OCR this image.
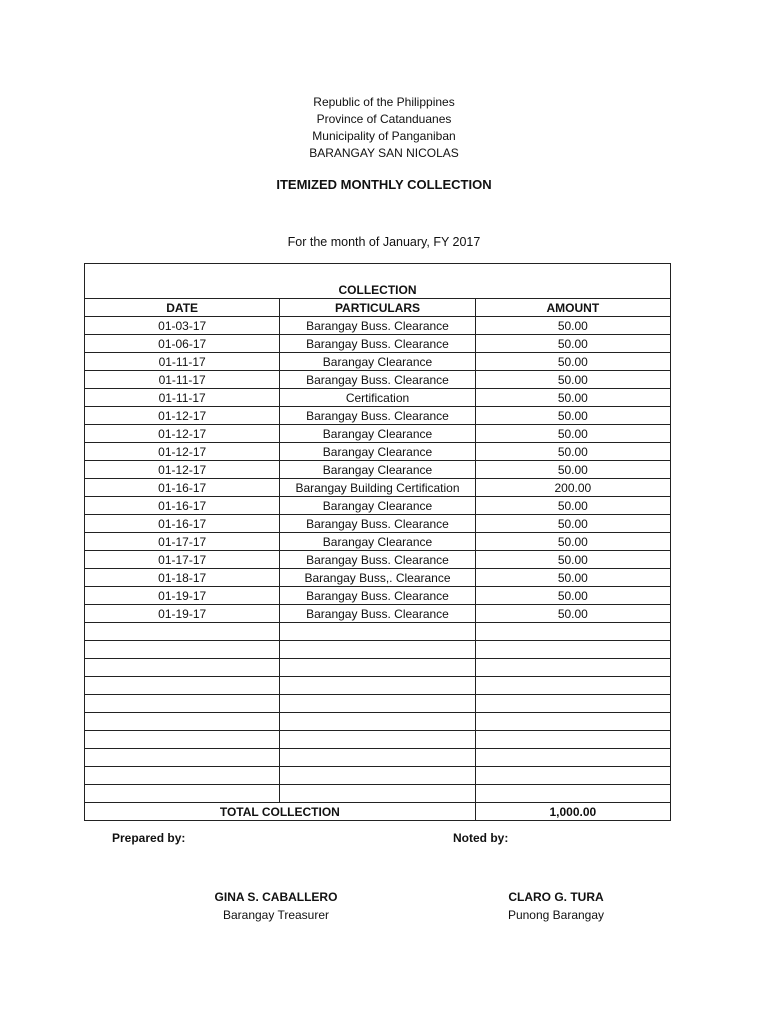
Republic of the Philippines
Province of Catanduanes
Municipality of Panganiban
BARANGAY SAN NICOLAS
ITEMIZED MONTHLY COLLECTION
For the month of January, FY 2017

COLLECTION		
DATE	PARTICULARS	AMOUNT
01-03-17	Barangay Buss. Clearance	50.00
01-06-17	Barangay Buss. Clearance	50.00
01-11-17	Barangay Clearance	50.00
01-11-17	Barangay Buss. Clearance	50.00
01-11-17	Certification	50.00
01-12-17	Barangay Buss. Clearance	50.00
01-12-17	Barangay Clearance	50.00
01-12-17	Barangay Clearance	50.00
01-12-17	Barangay Clearance	50.00
01-16-17	Barangay Building Certification	200.00
01-16-17	Barangay Clearance	50.00
01-16-17	Barangay Buss. Clearance	50.00
01-17-17	Barangay Clearance	50.00
01-17-17	Barangay Buss. Clearance	50.00
01-18-17	Barangay Buss,. Clearance	50.00
01-19-17	Barangay Buss. Clearance	50.00
01-19-17	Barangay Buss. Clearance	50.00

TOTAL COLLECTION		1,000.00
Prepared by:	Noted by:
GINA S. CABALLERO
Barangay Treasurer
CLARO G. TURA
Punong Barangay
